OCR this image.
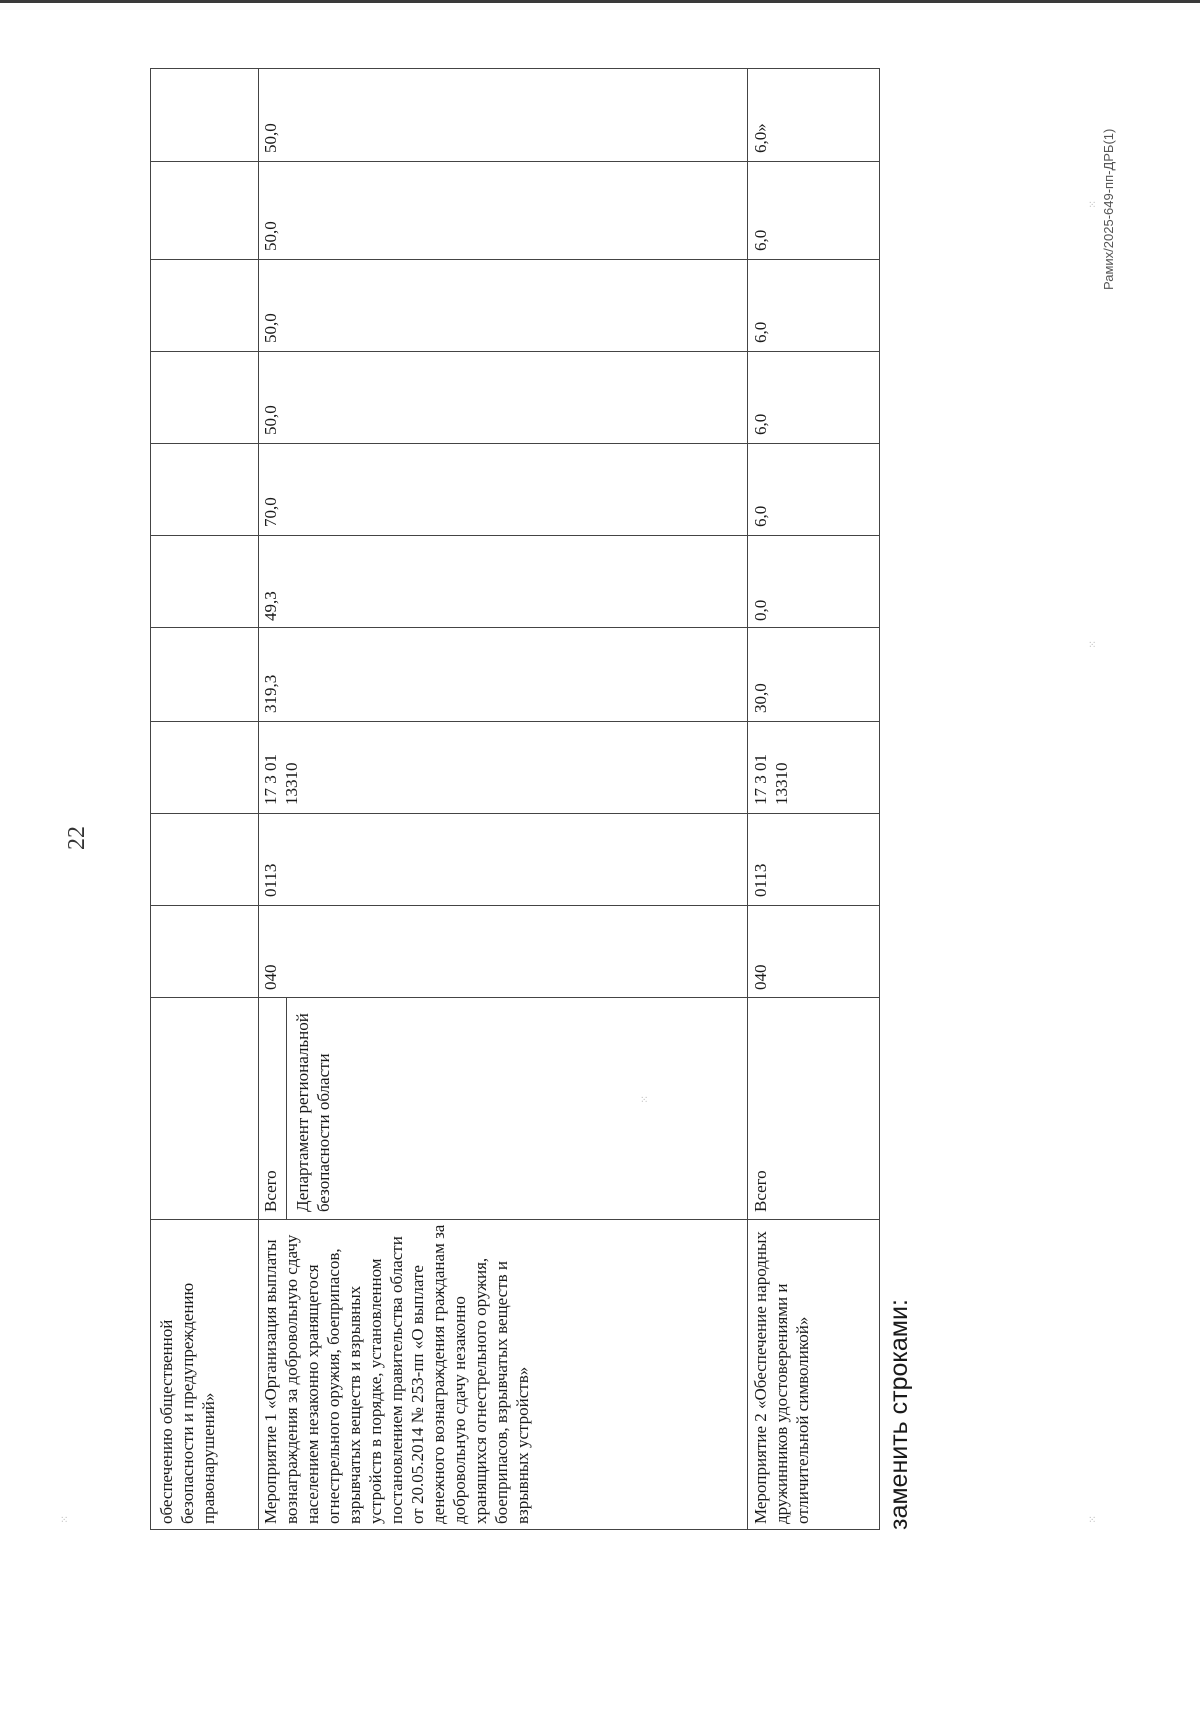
22
обеспечению общественной безопасности и предупреждению правонарушений»	Мероприятие 1 «Организация выплаты вознаграждения за добровольную сдачу населением незаконно хранящегося огнестрельного оружия, боеприпасов, взрывчатых веществ и взрывных устройств в порядке, установленном постановлением правительства области от 20.05.2014 № 253-пп «О выплате денежного вознаграждения гражданам за добровольную сдачу незаконно хранящихся огнестрельного оружия, боеприпасов, взрывчатых веществ и взрывных устройств»
Всего Департамент региональной безопасности области
040
0113
17 3 01 13310
319,3
49,3
70,0
50,0
50,0
50,0
50,0
Мероприятие 2 «Обеспечение народных дружинников удостоверениями и отличительной символикой»
Всего
040
0113
17 3 01 13310
30,0
0,0
6,0
6,0
6,0
6,0
6,0»
заменить строками:
Рамих/2025-649-пп-ДРБ(1)
⁙
⁙
⁙
⁙
⁙
